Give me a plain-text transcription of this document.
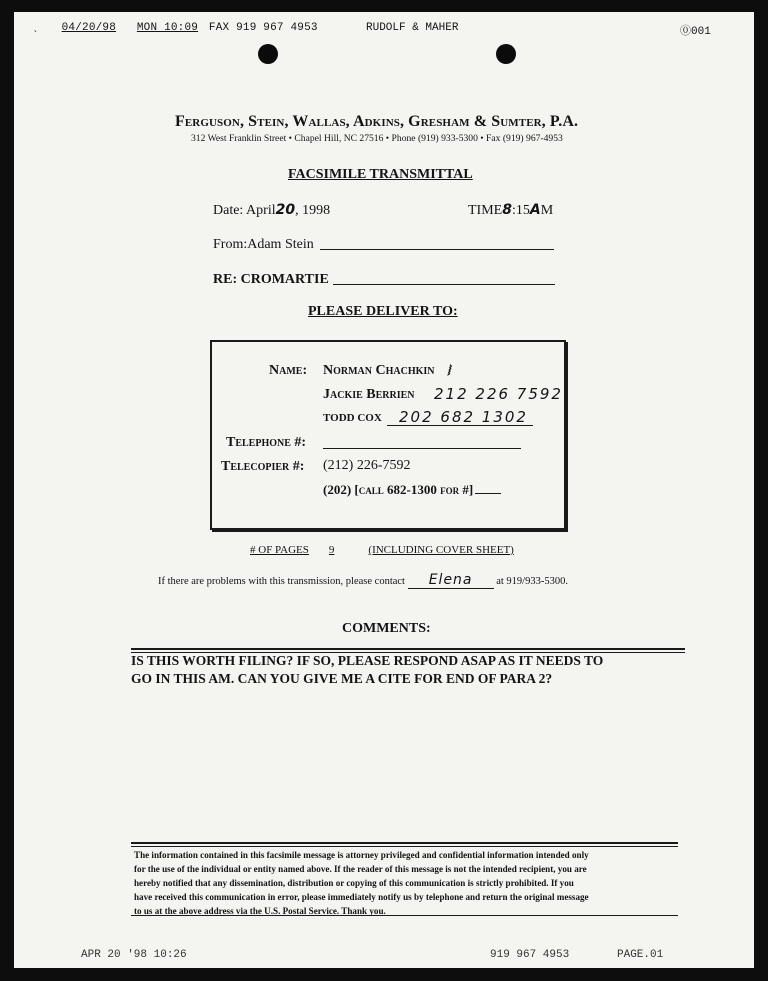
ˎ 04/20/98 MON 10:09 FAX 919 967 4953	RUDOLF & MAHER	⓪001
Ferguson, Stein, Wallas, Adkins, Gresham & Sumter, P.A.
312 West Franklin Street • Chapel Hill, NC 27516 • Phone (919) 933-5300 • Fax (919) 967-4953
FACSIMILE TRANSMITTAL
Date: April20, 1998	TIME8:15AM
From:Adam Stein
RE: CROMARTIE
PLEASE DELIVER TO:
Name: Norman Chachkin ⧘
Jackie Berrien 212 226 7592
TODD COX 202 682 1302
Telephone #:
Telecopier #: (212) 226-7592
(202) [call 682-1300 for #]
# OF PAGES 9	(INCLUDING COVER SHEET)
If there are problems with this transmission, please contact Elena at 919/933-5300.
COMMENTS:
IS THIS WORTH FILING? IF SO, PLEASE RESPOND ASAP AS IT NEEDS TO
GO IN THIS AM. CAN YOU GIVE ME A CITE FOR END OF PARA 2?
The information contained in this facsimile message is attorney privileged and confidential information intended only
for the use of the individual or entity named above. If the reader of this message is not the intended recipient, you are
hereby notified that any dissemination, distribution or copying of this communication is strictly prohibited. If you
have received this communication in error, please immediately notify us by telephone and return the original message
to us at the above address via the U.S. Postal Service. Thank you.
APR 20 '98 10:26	919 967 4953	PAGE.01
